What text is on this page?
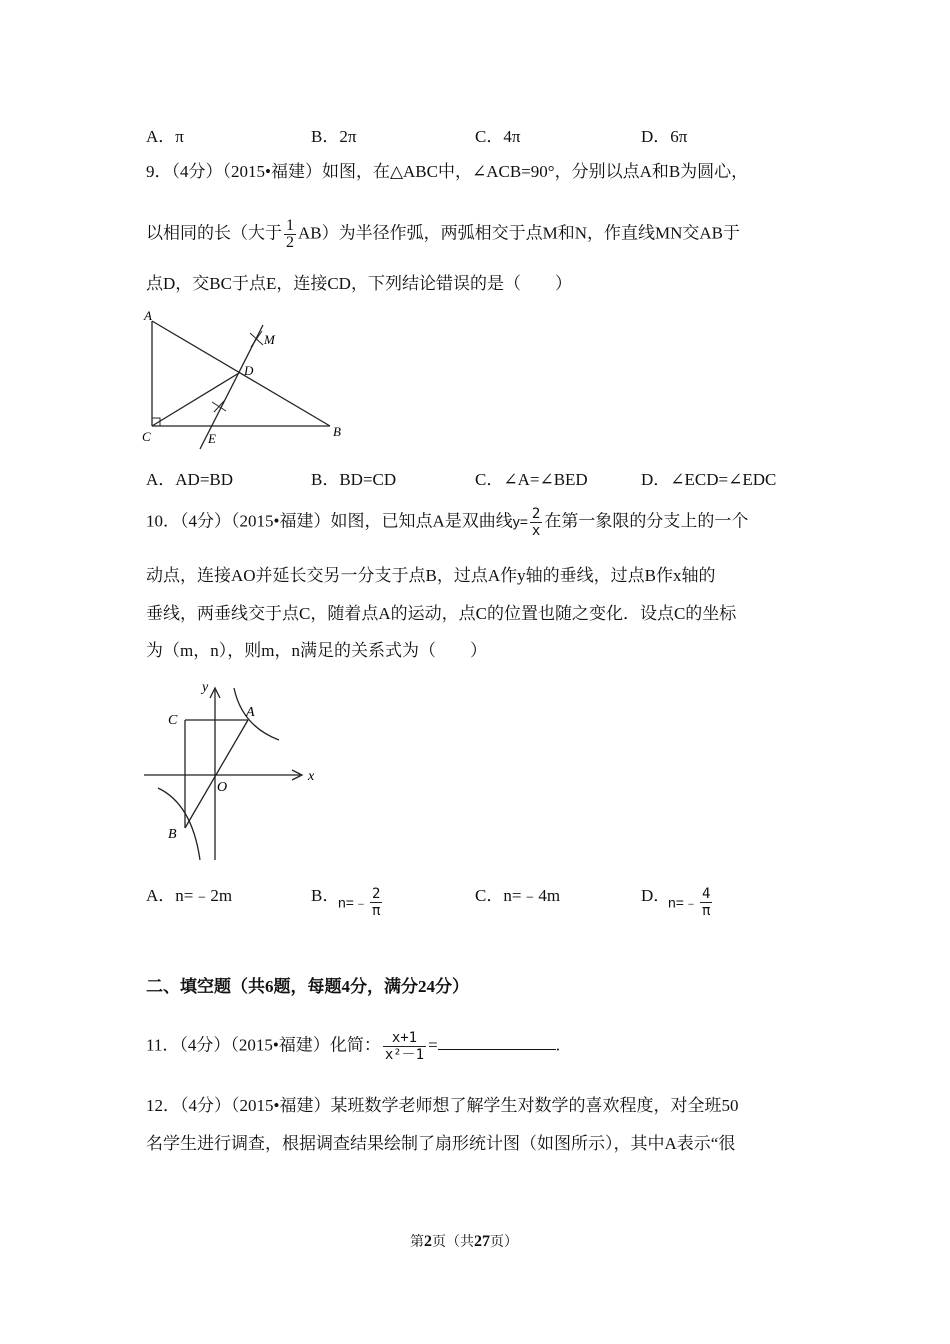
A．π	B．2π	C．4π	D．6π
9．（4分）（2015•福建）如图，在△ABC中，∠ACB=90°，分别以点A和B为圆心，
以相同的长（大于 $\frac{1}{2} AB$）为半径作弧，两弧相交于点M和N，作直线MN交AB于
点D，交BC于点E，连接CD，下列结论错误的是（　　）
A
C	B
D
E
M
A．AD=BD	B．BD=CD	C．∠A=∠BED	D．∠ECD=∠EDC
10．（4分）（2015•福建）如图，已知点A是双曲线$y= \frac{2}{x}$ 在第一象限的分支上的一个
动点，连接AO并延长交另一分支于点B，过点A作y轴的垂线，过点B作x轴的
垂线，两垂线交于点C，随着点A的运动，点C的位置也随之变化．设点C的坐标
为（m，n），则m，n满足的关系式为（　　）
y
x
C
A
O
B
A．n=﹣2m	B．
n=﹣ $\frac{2}{\pi}$	C．n=﹣4m	D．
n=﹣ $\frac{4}{\pi}$
二、填空题（共6题，每题4分，满分24分）
11．（4分）（2015•福建）化简： $\frac{x+1}{\text{x²－1}}$ =	.
12．（4分）（2015•福建）某班数学老师想了解学生对数学的喜欢程度，对全班50
名学生进行调查，根据调查结果绘制了扇形统计图（如图所示），其中A表示“很
第2页（共27页）
